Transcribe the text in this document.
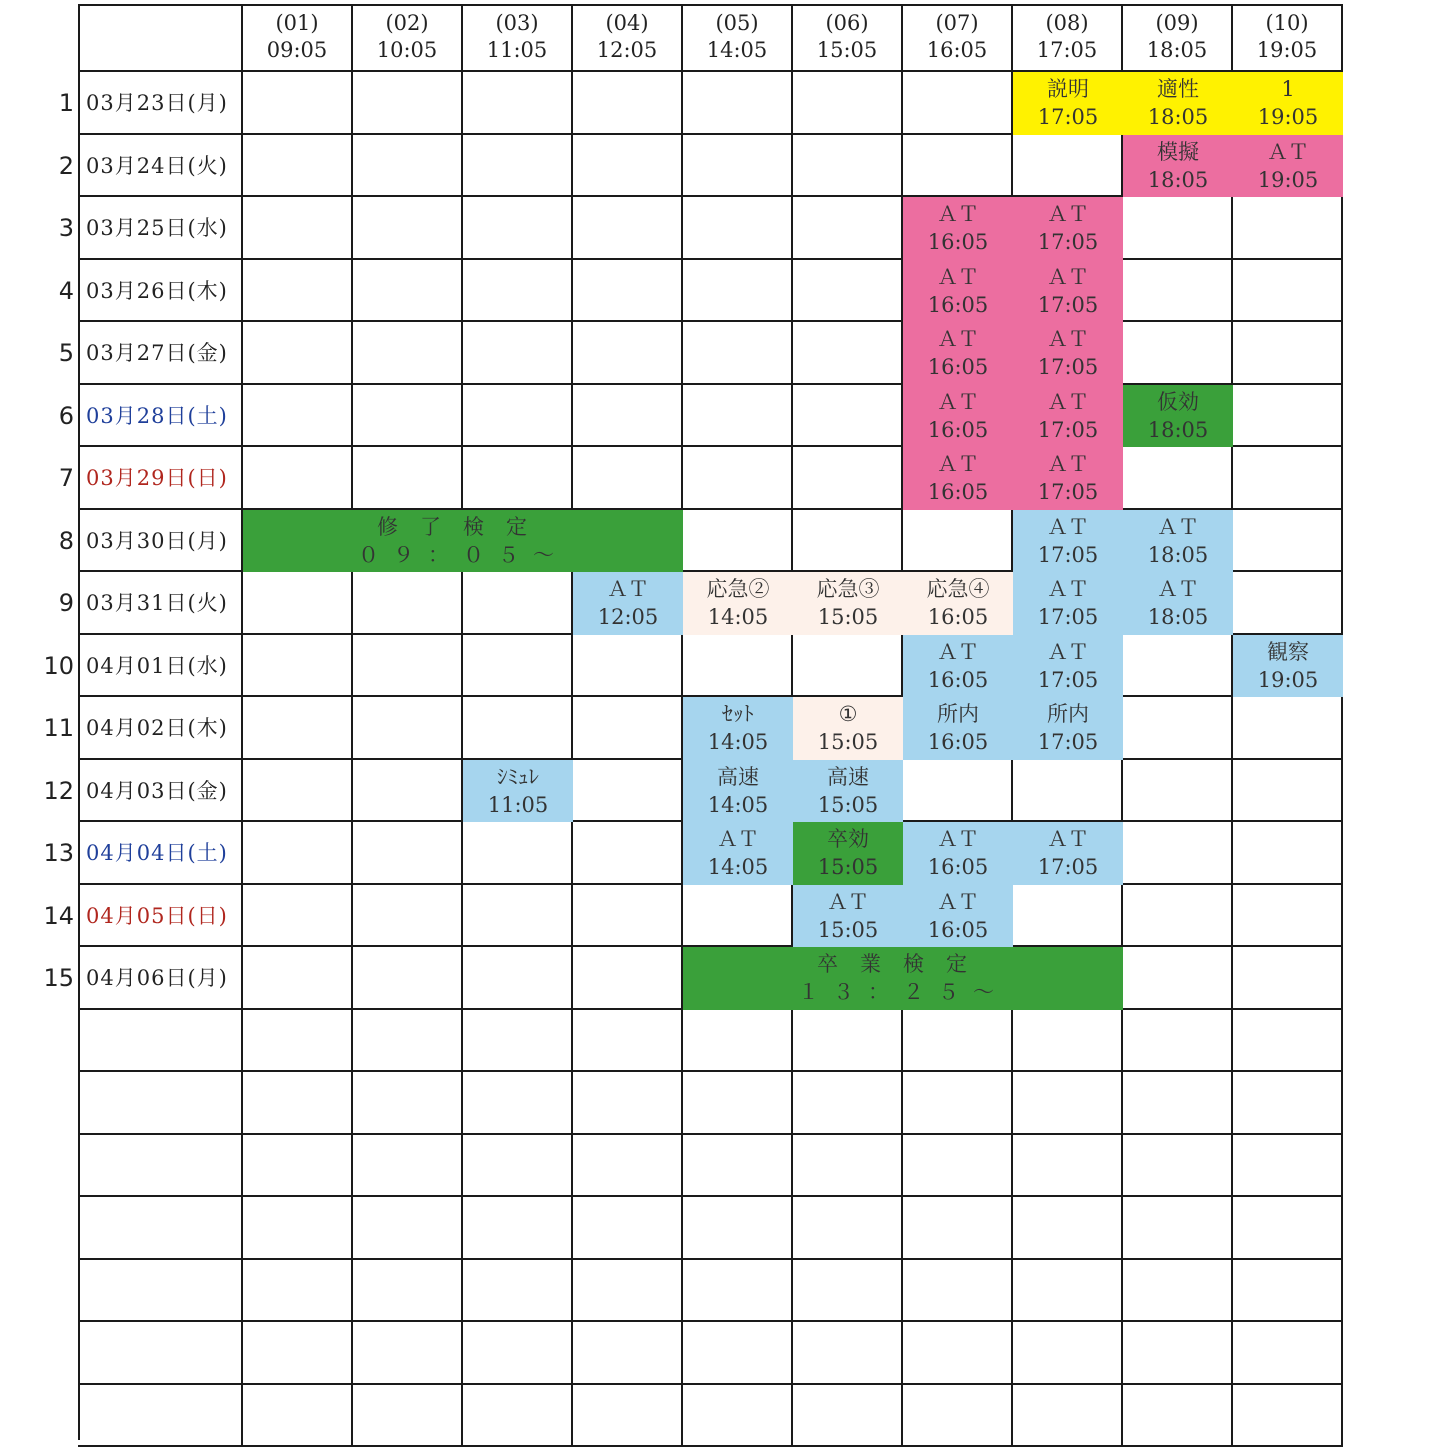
(01)
09:05
(02)
10:05
(03)
11:05
(04)
12:05
(05)
14:05
(06)
15:05
(07)
16:05
(08)
17:05
(09)
18:05
(10)
19:05
1 03月23日(月)
2 03月24日(火)
3 03月25日(水)
4 03月26日(木)
5 03月27日(金)
6 03月28日(土)
7 03月29日(日)
8 03月30日(月)
9 03月31日(火)
10 04月01日(水)
11 04月02日(木)
12 04月03日(金)
13 04月04日(土)
14 04月05日(日)
15 04月06日(月)
説明
17:05
適性
18:05
1
19:05
模擬
18:05
ＡＴ
19:05
ＡＴ
16:05
ＡＴ
17:05
ＡＴ
16:05
ＡＴ
17:05
ＡＴ
16:05
ＡＴ
17:05
ＡＴ
16:05
ＡＴ
17:05
仮効
18:05
ＡＴ
16:05
ＡＴ
17:05
修了検定
０９：０５～
ＡＴ
17:05
ＡＴ
18:05
ＡＴ
12:05
応急②
14:05
応急③
15:05
応急④
16:05
ＡＴ
17:05
ＡＴ
18:05
ＡＴ
16:05
ＡＴ
17:05
観察
19:05
ｾｯﾄ
14:05
①
15:05
所内
16:05
所内
17:05
ｼﾐｭﾚ
11:05
高速
14:05
高速
15:05
ＡＴ
14:05
卒効
15:05
ＡＴ
16:05
ＡＴ
17:05
ＡＴ
15:05
ＡＴ
16:05
卒業検定
１３：２５～
